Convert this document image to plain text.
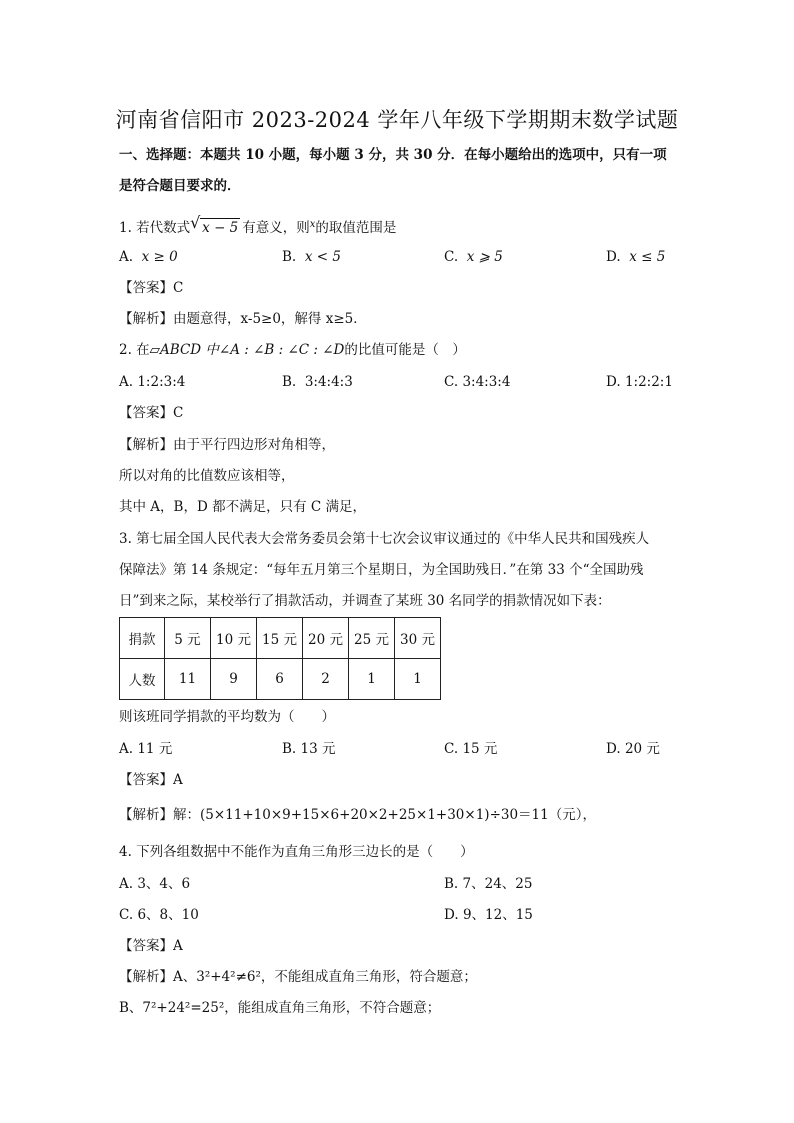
河南省信阳市 2023-2024 学年八年级下学期期末数学试题
一、选择题：本题共 10 小题，每小题 3 分，共 30 分．在每小题给出的选项中，只有一项
是符合题目要求的．
1. 若代数式 √ x − 5 有意义，则$^x$的取值范围是
A. x ≥ 0	B. x < 5	C. x ⩾ 5	D. x ≤ 5
【答案】C
【解析】由题意得，x-5≥0，解得 x≥5．
2. 在▱ABCD 中∠A : ∠B : ∠C : ∠D的比值可能是（　）
A. 1:2:3:4	B. 3:4:4:3	C. 3:4:3:4	D. 1:2:2:1
【答案】C
【解析】由于平行四边形对角相等，
所以对角的比值数应该相等，
其中 A，B，D 都不满足，只有 C 满足，
3. 第七届全国人民代表大会常务委员会第十七次会议审议通过的《中华人民共和国残疾人
保障法》第 14 条规定：“每年五月第三个星期日，为全国助残日．”在第 33 个“全国助残
日”到来之际，某校举行了捐款活动，并调查了某班 30 名同学的捐款情况如下表：
捐款	5 元	10 元	15 元	20 元	25 元	30 元
人数	11	9	6	2	1	1
则该班同学捐款的平均数为（　　）
A. 11 元	B. 13 元	C. 15 元	D. 20 元
【答案】A
【解析】解：(5×11+10×9+15×6+20×2+25×1+30×1)÷30＝11（元），
4. 下列各组数据中不能作为直角三角形三边长的是（　　）
A. 3、4、6	B. 7、24、25
C. 6、8、10	D. 9、12、15
【答案】A
【解析】A、3²+4²≠6²，不能组成直角三角形，符合题意；
B、7²+24²=25²，能组成直角三角形，不符合题意；
